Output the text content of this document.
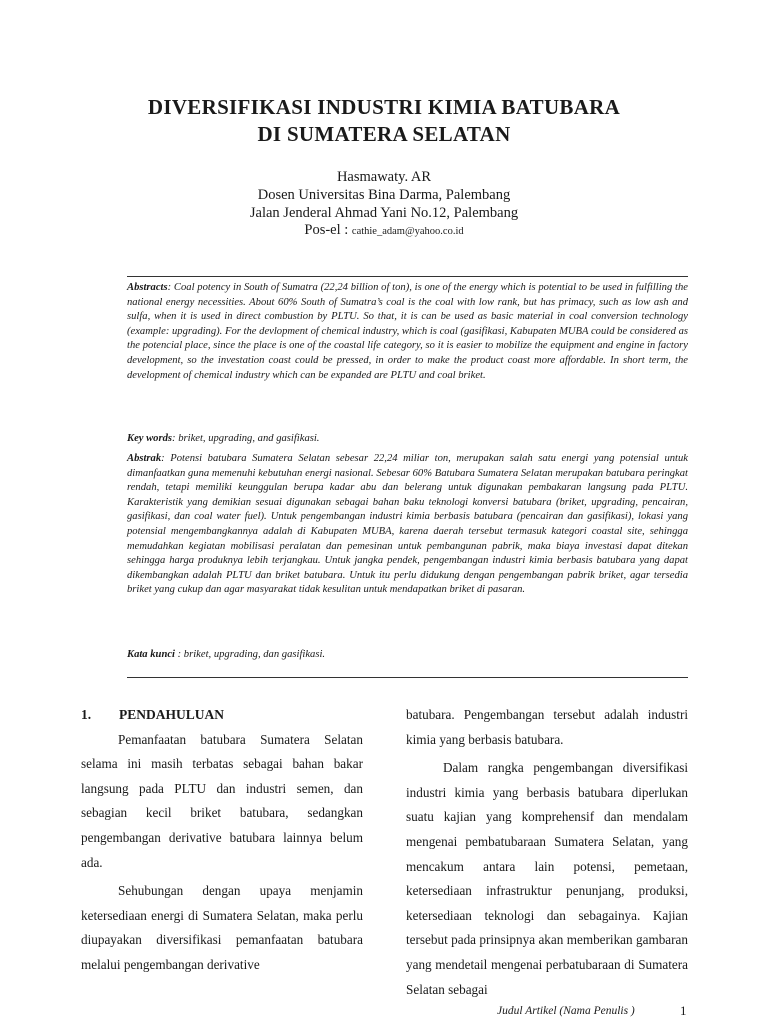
DIVERSIFIKASI INDUSTRI KIMIA BATUBARA
DI SUMATERA SELATAN
Hasmawaty. AR
Dosen Universitas Bina Darma, Palembang
Jalan Jenderal Ahmad Yani No.12, Palembang
Pos-el : cathie_adam@yahoo.co.id
Abstracts: Coal potency in South of Sumatra (22,24 billion of ton), is one of the energy which is potential to be used in fulfilling the national energy necessities. About 60% South of Sumatra’s coal is the coal with low rank, but has primacy, such as low ash and sulfa, when it is used in direct combustion by PLTU. So that, it is can be used as basic material in coal conversion technology (example: upgrading). For the devlopment of chemical industry, which is coal (gasifikasi, Kabupaten MUBA could be considered as the potencial place, since the place is one of the coastal life category, so it is easier to mobilize the equipment and engine in factory development, so the investation coast could be pressed, in order to make the product coast more affordable. In short term, the development of chemical industry which can be expanded are PLTU and coal briket.
Key words: briket, upgrading, and gasifikasi.
Abstrak: Potensi batubara Sumatera Selatan sebesar 22,24 miliar ton, merupakan salah satu energi yang potensial untuk dimanfaatkan guna memenuhi kebutuhan energi nasional. Sebesar 60% Batubara Sumatera Selatan merupakan batubara peringkat rendah, tetapi memiliki keunggulan berupa kadar abu dan belerang untuk digunakan pembakaran langsung pada PLTU. Karakteristik yang demikian sesuai digunakan sebagai bahan baku teknologi konversi batubara (briket, upgrading, pencairan, gasifikasi, dan coal water fuel). Untuk pengembangan industri kimia berbasis batubara (pencairan dan gasifikasi), lokasi yang potensial mengembangkannya adalah di Kabupaten MUBA, karena daerah tersebut termasuk kategori coastal site, sehingga memudahkan kegiatan mobilisasi peralatan dan pemesinan untuk pembangunan pabrik, maka biaya investasi dapat ditekan sehingga harga produknya lebih terjangkau. Untuk jangka pendek, pengembangan industri kimia berbasis batubara yang dapat dikembangkan adalah PLTU dan briket batubara. Untuk itu perlu didukung dengan pengembangan pabrik briket, agar tersedia briket yang cukup dan agar masyarakat tidak kesulitan untuk mendapatkan briket di pasaran.
Kata kunci : briket, upgrading, dan gasifikasi.

1. PENDAHULUAN

Pemanfaatan batubara Sumatera Selatan selama ini masih terbatas sebagai bahan bakar langsung pada PLTU dan industri semen, dan sebagian kecil briket batubara, sedangkan pengembangan derivative batubara lainnya belum ada.

Sehubungan dengan upaya menjamin ketersediaan energi di Sumatera Selatan, maka perlu diupayakan diversifikasi pemanfaatan batubara melalui pengembangan derivative

batubara. Pengembangan tersebut adalah industri kimia yang berbasis batubara.

Dalam rangka pengembangan diversifikasi industri kimia yang berbasis batubara diperlukan suatu kajian yang komprehensif dan mendalam mengenai pembatubaraan Sumatera Selatan, yang mencakum antara lain potensi, pemetaan, ketersediaan infrastruktur penunjang, produksi, ketersediaan teknologi dan sebagainya. Kajian tersebut pada prinsipnya akan memberikan gambaran yang mendetail mengenai perbatubaraan di Sumatera Selatan sebagai

Judul Artikel (Nama Penulis )	1
